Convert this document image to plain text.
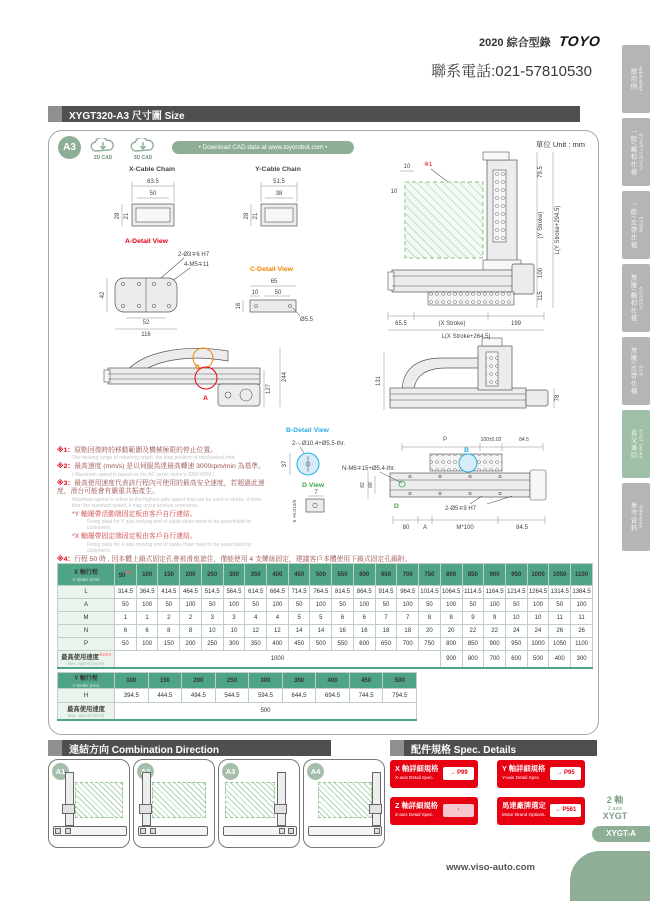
2020 綜合型錄 TOYO
聯系電話:021-57810530	應用例 Application
一般/螺桿仕樣 GTH/GTY/ETH/Y
一般/皮帶仕樣 ETB/M
無塵/螺桿仕樣 GCH/ECH
無塵/皮帶仕樣 ECB
直交連結 XYGT Series
參考資料 Reference
XYGT320-A3 尺寸圖 Size
A3
2D CAD	3D CAD
• Download CAD data at www.toyorobot.com •	單位 Unit : mm
X-Cable Chain
63.5
50
28 21
Y-Cable Chain
51.5
38
28 21
A-Detail View
2-Ø3∓6 H7
4-M5∓11
42
52
116
C-Detail View
65
10	50
16
Ø5.5
C
A
244
127
131
78
B-Detail View
2-⌵Ø10.4+Ø5.5-thr.
37
D View
7
5 +0.012/0
P	100±0.02	84.5
B
N-M6∓15+Ø5.4-thr.
82 68
D	2-Ø5∓9 H7
80 A	M*100	84.5
10 ※1
10
79.5
(Y Stroke)
100
115
L(Y Stroke+294.5)
65.5	(X Stroke)	199
L(X Stroke+264.5)
※1：原點回復時的移動範圍及機械極限的停止位置。
The moving range of returning origin, the stop position of mechanical limit.
※2：最高速度 (mm/s) 是以伺服馬達最高轉速 3000rpm/min 為基準。
( Maximum speed is based on the AC servo motor's 3000 RPM )
※3：最高使用速度代表該行程內可使用的最高安全速度，若超過此速度，滑台可能會有嚴重共振產生。
Maximum speed is refers to the highest safe speed that can be used in stroke, if more than the standard speed, it may occur serious resonance.
*Y 軸履帶活動端固定板由客戶自行連結。
Fixing plate for Y axis moving end of cable chain need to be assembled by customers.
*X 軸履帶固定端固定板由客戶自行連結。
Fixing plate for X axis moving end of cable chain need to be assembled by customers.
※4：行程 50 時 , 因本體上鎖式固定孔會被滑座遮住，僅能使用 4 支螺絲固定，建議客戶本體使用下鎖式固定孔鎖附。
X 軸行程
X Stroke (mm)	50$^{※4}$	100	150	200	250	300	350	400	450	500	550	600	650	700	750	800	850	900	950	1000	1050	1100
L	314.5	364.5	414.5	464.5	514.5	564.5	614.5	664.5	714.5	764.5	814.5	864.5	914.5	964.5	1014.5	1064.5	1114.5	1164.5	1214.5	1264.5	1314.5	1364.5
A	50	100	50	100	50	100	50	100	50	100	50	100	50	100	50	100	50	100	50	100	50	100
M	1	1	2	2	3	3	4	4	5	5	6	6	7	7	8	8	9	9	10	10	11	11
N	6	6	8	8	10	10	12	12	14	14	16	16	18	18	20	20	22	22	24	24	26	26
P	50	100	150	200	250	300	350	400	450	500	550	600	650	700	750	800	850	900	950	1000	1050	1100
最高使用速度$^{※2※3}$
Max. Speed (mm/s)	1000															900	800	700	600	500	400	300
Y 軸行程
Y Stroke (mm)	100	150	200	250	300	350	400	450	500
H	394.5	444.5	494.5	544.5	594.5	644.5	694.5	744.5	794.5
最高使用速度
Max. Speed (mm/s)	500								
連結方向 Combination Direction
A1	A3	A4
配件規格 Spec. Details
X 軸詳細規格
X-axis Detail Spec.
→ P99	Y 軸詳細規格
Y-axis Detail Spec.
→ P95
Z 軸詳細規格
Z-axis Detail Spec.
-	馬達廠牌選定
Motor Brand Options.
→ P561
2 軸
2 axis
XYGT
XYGT-A
www.viso-auto.com
